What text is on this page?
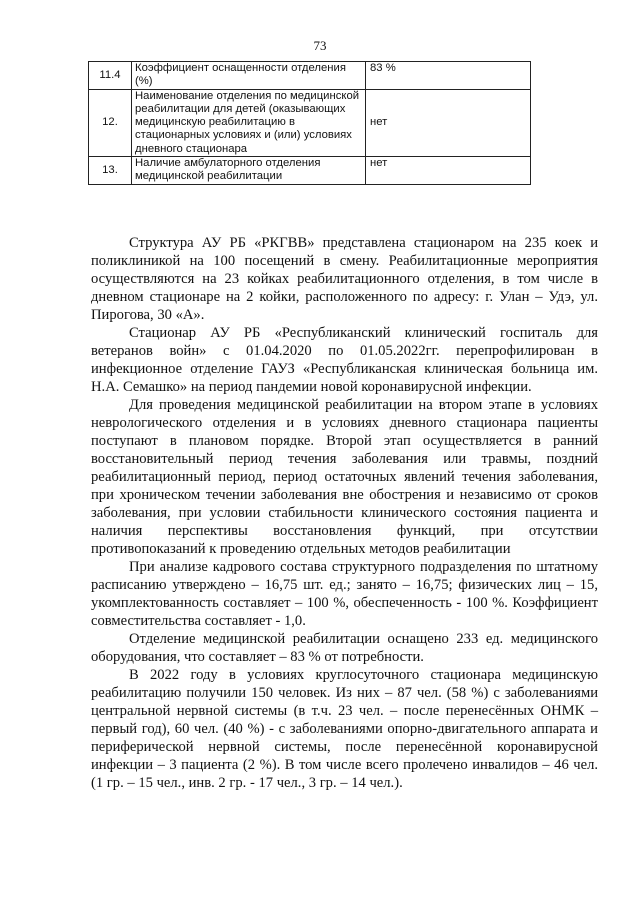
73
11.4	Коэффициент оснащенности отделения (%)	83 %
12.	Наименование отделения по медицинской реабилитации для детей (оказывающих медицинскую реабилитацию в стационарных условиях и (или) условиях дневного стационара	нет
13.	Наличие амбулаторного отделения медицинской реабилитации	нет

Структура АУ РБ «РКГВВ» представлена стационаром на 235 коек и поликлиникой на 100 посещений в смену. Реабилитационные мероприятия осуществляются на 23 койках реабилитационного отделения, в том числе в дневном стационаре на 2 койки, расположенного по адресу: г. Улан – Удэ, ул. Пирогова, 30 «А».

Стационар АУ РБ «Республиканский клинический госпиталь для ветеранов войн» с 01.04.2020 по 01.05.2022гг. перепрофилирован в инфекционное отделение ГАУЗ «Республиканская клиническая больница им. Н.А. Семашко» на период пандемии новой коронавирусной инфекции.

Для проведения медицинской реабилитации на втором этапе в условиях неврологического отделения и в условиях дневного стационара пациенты поступают в плановом порядке. Второй этап осуществляется в ранний восстановительный период течения заболевания или травмы, поздний реабилитационный период, период остаточных явлений течения заболевания, при хроническом течении заболевания вне обострения и независимо от сроков заболевания, при условии стабильности клинического состояния пациента и наличия перспективы восстановления функций, при отсутствии противопоказаний к проведению отдельных методов реабилитации

При анализе кадрового состава структурного подразделения по штатному расписанию утверждено – 16,75 шт. ед.; занято – 16,75; физических лиц – 15, укомплектованность составляет – 100 %, обеспеченность - 100 %. Коэффициент совместительства составляет - 1,0.

Отделение медицинской реабилитации оснащено 233 ед. медицинского оборудования, что составляет – 83 % от потребности.

В 2022 году в условиях круглосуточного стационара медицинскую реабилитацию получили 150 человек. Из них – 87 чел. (58 %) с заболеваниями центральной нервной системы (в т.ч. 23 чел. – после перенесённых ОНМК – первый год), 60 чел. (40 %) - с заболеваниями опорно-двигательного аппарата и периферической нервной системы, после перенесённой коронавирусной инфекции – 3 пациента (2 %). В том числе всего пролечено инвалидов – 46 чел. (1 гр. – 15 чел., инв. 2 гр. - 17 чел., 3 гр. – 14 чел.).
